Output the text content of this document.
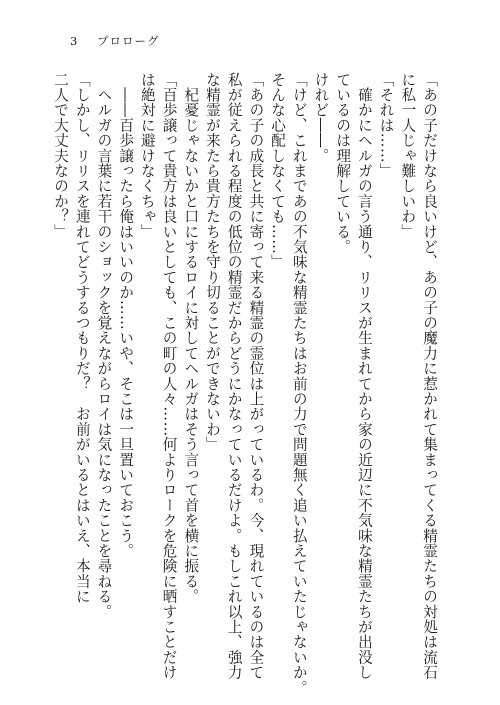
3 プロローグ

「あの子だけなら良いけど、あの子の魔力に惹かれて集まってくる精霊たちの対処は流石

に私一人じゃ難しいわ」

「それは……」

　確かにヘルガの言う通り、リリスが生まれてから家の近辺に不気味な精霊たちが出没し

ているのは理解している。

けれど――。

「けど、これまであの不気味な精霊たちはお前の力で問題無く追い払えていたじゃないか。

そんな心配しなくても……」

「あの子の成長と共に寄って来る精霊の霊位は上がっているわ。今、現れているのは全て

私が従えられる程度の低位の精霊だからどうにかなっているだけよ。もしこれ以上、強力

な精霊が来たら貴方たちを守り切ることができないわ」

　杞憂じゃないかと口にするロイに対してヘルガはそう言って首を横に振る。

「百歩譲って貴方は良いとしても、この町の人々……何よりロークを危険に晒すことだけ

は絶対に避けなくちゃ」

　――百歩譲ったら俺はいいのか……いや、そこは一旦置いておこう。

　ヘルガの言葉に若干のショックを覚えながらロイは気になったことを尋ねる。

「しかし、リリスを連れてどうするつもりだ？　お前がいるとはいえ、本当に

二人で大丈夫なのか？」
